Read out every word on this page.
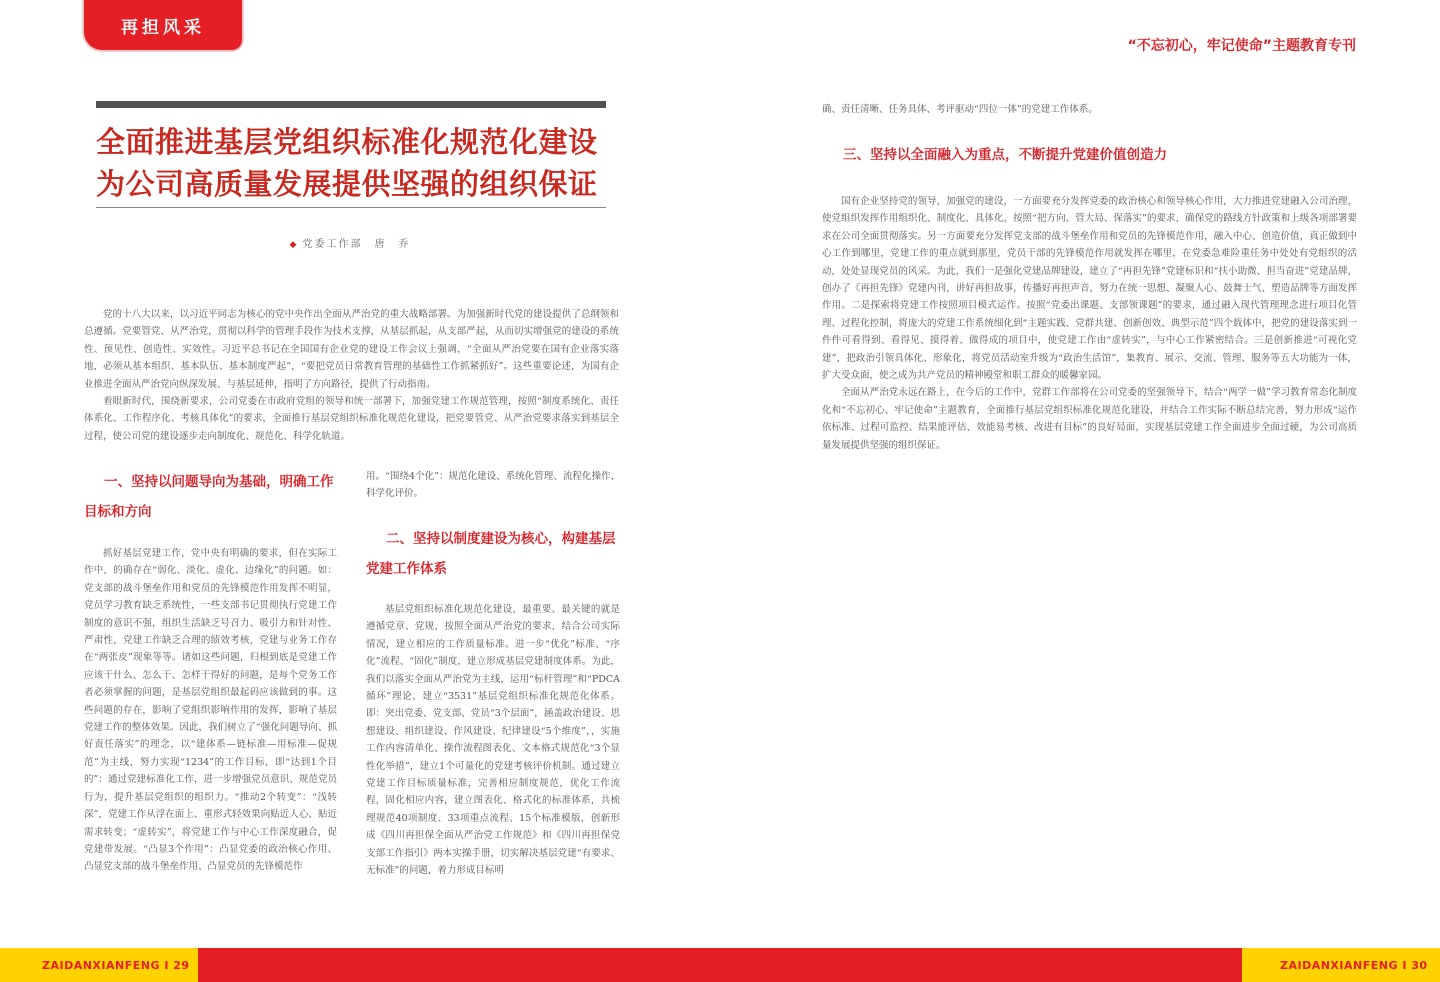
再担风采
“不忘初心，牢记使命”主题教育专刊
全面推进基层党组织标准化规范化建设
为公司高质量发展提供坚强的组织保证
◆ 党委工作部　唐　乔

党的十八大以来，以习近平同志为核心的党中央作出全面从严治党的重大战略部署。为加强新时代党的建设提供了总纲领和总遵循。党要管党、从严治党，贯彻以科学的管理手段作为技术支撑，从基层抓起，从支部严起，从而切实增强党的建设的系统性、预见性、创造性、实效性。习近平总书记在全国国有企业党的建设工作会议上强调，“全面从严治党要在国有企业落实落地，必须从基本组织、基本队伍、基本制度严起”，“要把党员日常教育管理的基础性工作抓紧抓好”。这些重要论述，为国有企业推进全面从严治党向纵深发展、与基层延伸，指明了方向路径，提供了行动指南。

着眼新时代，围绕新要求，公司党委在市政府党组的领导和统一部署下，加强党建工作规范管理，按照“制度系统化、责任体系化、工作程序化、考核具体化”的要求，全面推行基层党组织标准化规范化建设，把党要管党、从严治党要求落实到基层全过程，使公司党的建设逐步走向制度化、规范化、科学化轨道。

一、坚持以问题导向为基础，明确工作目标和方向

抓好基层党建工作，党中央有明确的要求，但在实际工作中，的确存在“弱化、淡化、虚化、边缘化”的问题。如：党支部的战斗堡垒作用和党员的先锋模范作用发挥不明显，党员学习教育缺乏系统性，一些支部书记贯彻执行党建工作制度的意识不强，组织生活缺乏号召力、吸引力和针对性、严肃性，党建工作缺乏合理的绩效考核，党建与业务工作存在“两张皮”现象等等。诸如这些问题，归根到底是党建工作应该干什么、怎么干、怎样干得好的问题，是每个党务工作者必须掌握的问题，是基层党组织最起码应该做到的事。这些问题的存在，影响了党组织影响作用的发挥，影响了基层党建工作的整体效果。因此，我们树立了“强化问题导向、抓好责任落实”的理念，以“建体系—链标准—用标准—促规范”为主线，努力实现“1234”的工作目标，即“达到1个目的”：通过党建标准化工作，进一步增强党员意识、规范党员行为，提升基层党组织的组织力。“推动2个转变”：“浅转深”，党建工作从浮在面上、重形式轻效果向贴近人心、贴近需求转变；“虚转实”，将党建工作与中心工作深度融合，促党建带发展。“凸显3个作用”：凸显党委的政治核心作用、凸显党支部的战斗堡垒作用、凸显党员的先锋模范作

用。“围绕4个化”：规范化建设、系统化管理、流程化操作、科学化评价。

二、坚持以制度建设为核心，构建基层党建工作体系

基层党组织标准化规范化建设，最重要、最关键的就是遵循党章、党规，按照全面从严治党的要求，结合公司实际情况，建立相应的工作质量标准。进一步“优化”标准、“序化”流程、“固化”制度，建立形成基层党建制度体系。为此，我们以落实全面从严治党为主线，运用“标杆管理”和“PDCA循环”理论，建立“3531”基层党组织标准化规范化体系。即：突出党委、党支部、党员“3个层面”，涵盖政治建设、思想建设、组织建设、作风建设、纪律建设“5个维度”，，实施工作内容清单化、操作流程图表化、文本格式规范化“3个显性化举措”，建立1个可量化的党建考核评价机制。通过建立党建工作目标质量标准，完善相应制度规范，优化工作流程，固化相应内容，建立图表化、格式化的标准体系，共梳理规范40项制度、33项重点流程、15个标准模版，创新形成《四川再担保全面从严治党工作规范》和《四川再担保党支部工作指引》两本实操手册，切实解决基层党建“有要求、无标准”的问题，着力形成目标明

确、责任清晰、任务具体、考评驱动“四位一体”的党建工作体系。

三、坚持以全面融入为重点，不断提升党建价值创造力

国有企业坚持党的领导，加强党的建设，一方面要充分发挥党委的政治核心和领导核心作用，大力推进党建融入公司治理，使党组织发挥作用组织化、制度化、具体化，按照“把方向、管大局、保落实”的要求，确保党的路线方针政策和上级各项部署要求在公司全面贯彻落实。另一方面要充分发挥党支部的战斗堡垒作用和党员的先锋模范作用，融入中心、创造价值，真正做到中心工作到哪里，党建工作的重点就到那里，党员干部的先锋模范作用就发挥在哪里，在党委急难险重任务中处处有党组织的活动，处处显现党员的风采。为此，我们一是强化党建品牌建设，建立了“再担先锋”党建标识和“扶小助微、担当奋进”党建品牌，创办了《再担先锋》党建内刊，讲好再担故事，传播好再担声音，努力在统一思想、凝聚人心、鼓舞士气、塑造品牌等方面发挥作用。二是探索将党建工作按照项目模式运作。按照“党委出课题、支部领课题”的要求，通过融入现代管理理念进行项目化管理、过程化控制，将庞大的党建工作系统细化到“主题实践、党群共建、创新创效、典型示范”四个载体中，把党的建设落实到一件件可看得到、看得见、摸得着、做得成的项目中，使党建工作由“虚转实”，与中心工作紧密结合。三是创新推进“可视化党建”，把政治引领具体化、形象化，将党员活动室升级为“政治生活馆”，集教育、展示、交流、管理、服务等五大功能为一体，扩大受众面，使之成为共产党员的精神殿堂和职工群众的暖馨家园。

全面从严治党永远在路上，在今后的工作中，党群工作部将在公司党委的坚强领导下，结合“两学一做”学习教育常态化制度化和“不忘初心、牢记使命”主题教育，全面推行基层党组织标准化规范化建设，并结合工作实际不断总结完善，努力形成“运作依标准、过程可监控、结果能评估、效能易考核、改进有目标”的良好局面，实现基层党建工作全面进步全面过硬，为公司高质量发展提供坚强的组织保证。

ZAIDANXIANFENG I 29	ZAIDANXIANFENG I 30
